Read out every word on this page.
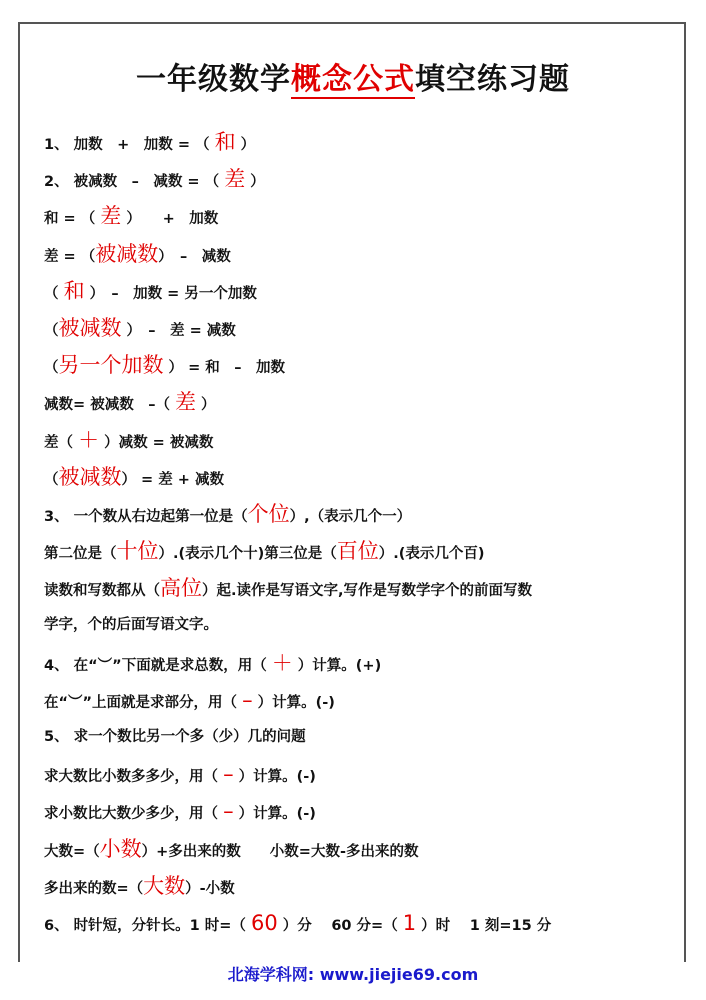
一年级数学概念公式填空练习题
1、 加数　+　加数 = （ 和 ）
2、 被减数　–　减数 = （ 差 ）
和 = （ 差 ）　　+　加数
差 = （被减数）　–　减数
（ 和 ）　–　加数 = 另一个加数
（被减数 ）　–　差 = 减数
（另一个加数 ） = 和　–　加数
减数= 被减数　–（ 差 ）
差（ ＋ ）减数 = 被减数
（被减数） = 差 + 减数
3、 一个数从右边起第一位是（个位）,（表示几个一）
第二位是（十位）.(表示几个十)第三位是（百位）.(表示几个百)
读数和写数都从（高位）起.读作是写语文字,写作是写数学字个的前面写数
学字，个的后面写语文字。
4、 在“︶”下面就是求总数，用（ ＋ ）计算。(+)
在“︶”上面就是求部分，用（ – ）计算。(-)
5、 求一个数比另一个多（少）几的问题
求大数比小数多多少，用（ – ）计算。(-)
求小数比大数少多少，用（ – ）计算。(-)
大数=（小数）+多出来的数　　小数=大数-多出来的数
多出来的数=（大数）-小数
6、 时针短，分针长。1 时=（ 60 ）分　 60 分=（ 1 ）时　 1 刻=15 分
北海学科网: www.jiejie69.com
